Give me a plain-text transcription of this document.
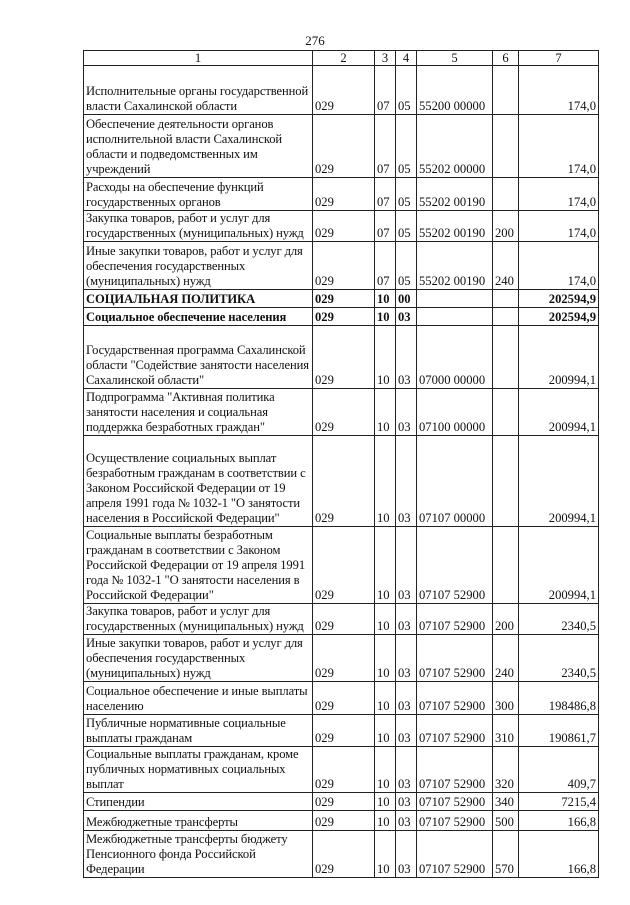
276
1	2	3	4	5	6	7
Исполнительные органы государственной власти Сахалинской области	029	07	05	55200 00000		174,0
Обеспечение деятельности органов исполнительной власти Сахалинской области и подведомственных им учреждений	029	07	05	55202 00000		174,0
Расходы на обеспечение функций государственных органов	029	07	05	55202 00190		174,0
Закупка товаров, работ и услуг для государственных (муниципальных) нужд	029	07	05	55202 00190	200	174,0
Иные закупки товаров, работ и услуг для обеспечения государственных (муниципальных) нужд	029	07	05	55202 00190	240	174,0
СОЦИАЛЬНАЯ ПОЛИТИКА	029	10	00			202594,9
Социальное обеспечение населения	029	10	03			202594,9
Государственная программа Сахалинской области "Содействие занятости населения Сахалинской области"	029	10	03	07000 00000		200994,1
Подпрограмма "Активная политика занятости населения и социальная поддержка безработных граждан"	029	10	03	07100 00000		200994,1
Осуществление социальных выплат безработным гражданам в соответствии с Законом Российской Федерации от 19 апреля 1991 года № 1032-1 "О занятости населения в Российской Федерации"	029	10	03	07107 00000		200994,1
Социальные выплаты безработным гражданам в соответствии с Законом Российской Федерации от 19 апреля 1991 года № 1032-1 "О занятости населения в Российской Федерации"	029	10	03	07107 52900		200994,1
Закупка товаров, работ и услуг для государственных (муниципальных) нужд	029	10	03	07107 52900	200	2340,5
Иные закупки товаров, работ и услуг для обеспечения государственных (муниципальных) нужд	029	10	03	07107 52900	240	2340,5
Социальное обеспечение и иные выплаты населению	029	10	03	07107 52900	300	198486,8
Публичные нормативные социальные выплаты гражданам	029	10	03	07107 52900	310	190861,7
Социальные выплаты гражданам, кроме публичных нормативных социальных выплат	029	10	03	07107 52900	320	409,7
Стипендии	029	10	03	07107 52900	340	7215,4
Межбюджетные трансферты	029	10	03	07107 52900	500	166,8
Межбюджетные трансферты бюджету Пенсионного фонда Российской Федерации	029	10	03	07107 52900	570	166,8
